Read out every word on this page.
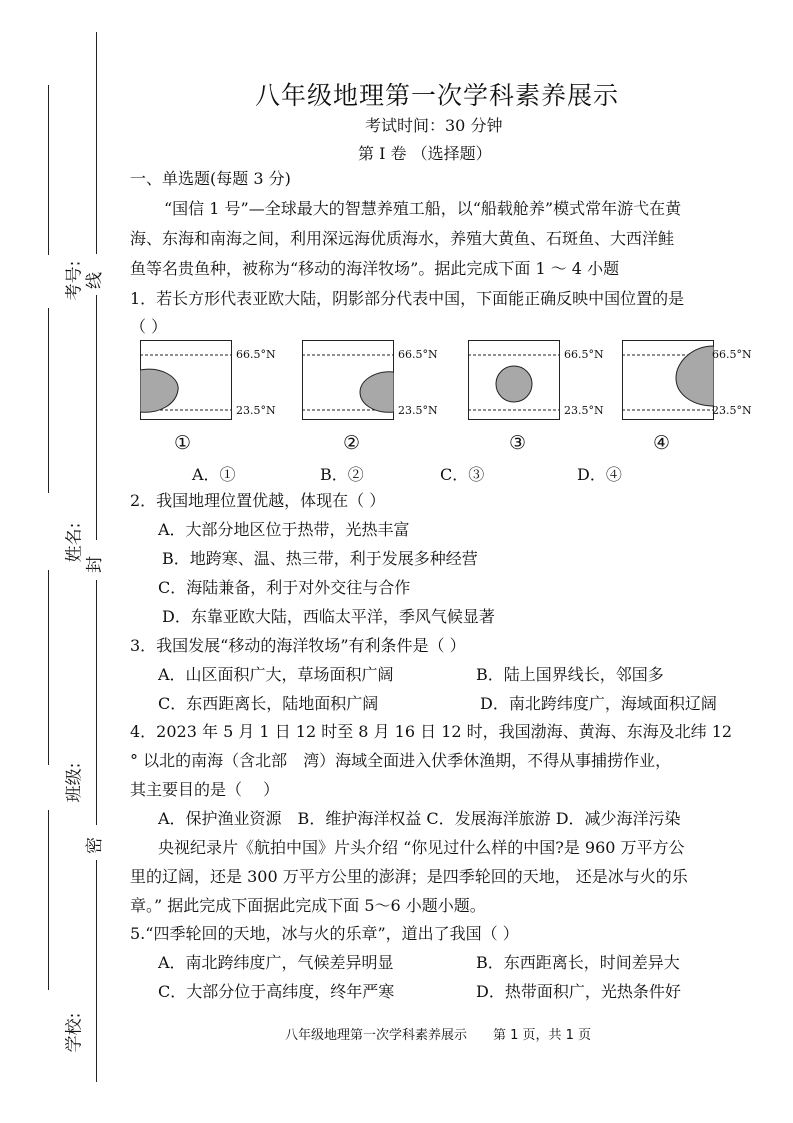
考号:
姓名:
班级:
学校:
线
封
密
八年级地理第一次学科素养展示
考试时间：30 分钟
第 I 卷 （选择题）
一、单选题(每题 3 分)
“国信 1 号”—全球最大的智慧养殖工船，以“船载舱养”模式常年游弋在黄
海、东海和南海之间，利用深远海优质海水，养殖大黄鱼、石斑鱼、大西洋鲑
鱼等名贵鱼种，被称为“移动的海洋牧场”。据此完成下面 1 ～ 4 小题
1．若长方形代表亚欧大陆，阴影部分代表中国，下面能正确反映中国位置的是
（ ）
66.5°N
23.5°N
①
66.5°N
23.5°N
②
66.5°N
23.5°N
③
66.5°N
23.5°N
④
A．①	B．②	C．③	D．④
2．我国地理位置优越，体现在（ ）
A．大部分地区位于热带，光热丰富
B．地跨寒、温、热三带，利于发展多种经营
C．海陆兼备，利于对外交往与合作
D．东靠亚欧大陆，西临太平洋，季风气候显著
3．我国发展“移动的海洋牧场”有利条件是（ ）
A．山区面积广大，草场面积广阔	B．陆上国界线长，邻国多
C．东西距离长，陆地面积广阔	D．南北跨纬度广，海域面积辽阔
4．2023 年 5 月 1 日 12 时至 8 月 16 日 12 时，我国渤海、黄海、东海及北纬 12
° 以北的南海（含北部　湾）海域全面进入伏季休渔期，不得从事捕捞作业，
其主要目的是（　 ）
A．保护渔业资源　B．维护海洋权益 C．发展海洋旅游 D．减少海洋污染
央视纪录片《航拍中国》片头介绍 “你见过什么样的中国?是 960 万平方公
里的辽阔，还是 300 万平方公里的澎湃；是四季轮回的天地， 还是冰与火的乐
章。” 据此完成下面据此完成下面 5～6 小题小题。
5.“四季轮回的天地，冰与火的乐章”，道出了我国（ ）
A．南北跨纬度广，气候差异明显	B．东西距离长，时间差异大
C．大部分位于高纬度，终年严寒	D．热带面积广，光热条件好
八年级地理第一次学科素养展示　　第 1 页，共 1 页
